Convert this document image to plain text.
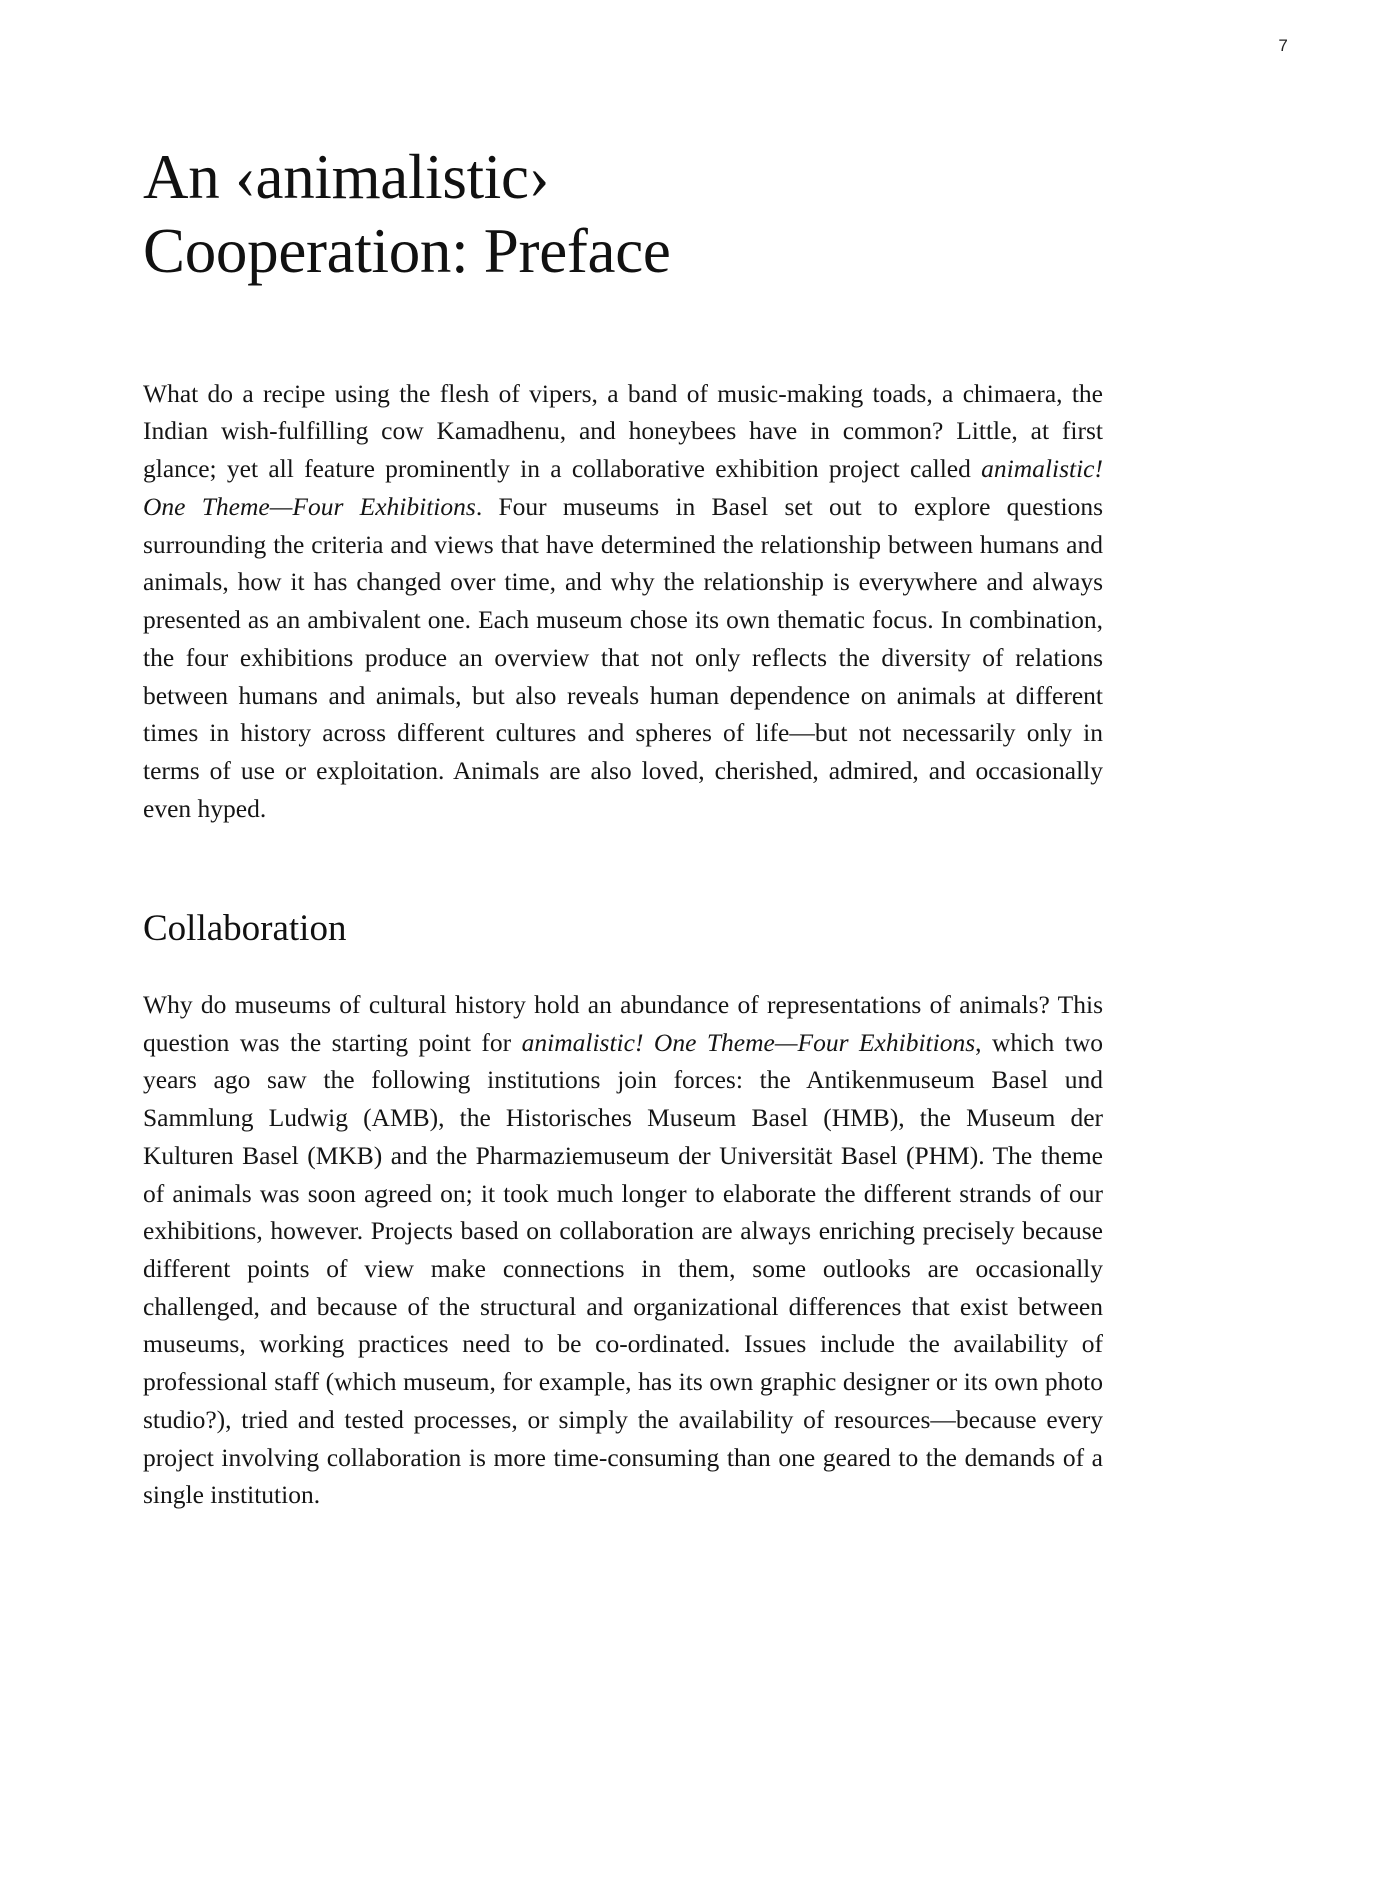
7
An ‹animalistic›
Cooperation: Preface

What do a recipe using the flesh of vipers, a band of music-making toads, a chimaera, the Indian wish-fulfilling cow Kamadhenu, and honeybees have in common? Little, at first glance; yet all feature prominently in a collaborative exhibition project called animalistic! One Theme—Four Exhibitions. Four museums in Basel set out to explore questions surrounding the criteria and views that have determined the relationship between humans and animals, how it has changed over time, and why the relationship is everywhere and always presented as an ambivalent one. Each museum chose its own thematic focus. In combination, the four exhibitions produce an overview that not only reflects the diversity of relations between humans and animals, but also reveals human dependence on animals at different times in history across different cultures and spheres of life—but not necessarily only in terms of use or exploitation. Animals are also loved, cherished, admired, and occasionally even hyped.

Collaboration

Why do museums of cultural history hold an abundance of representations of animals? This question was the starting point for animalistic! One Theme—Four Exhibitions, which two years ago saw the following institutions join forces: the Antikenmuseum Basel und Sammlung Ludwig (AMB), the Historisches Museum Basel (HMB), the Museum der Kulturen Basel (MKB) and the Pharmaziemuseum der Universität Basel (PHM). The theme of animals was soon agreed on; it took much longer to elaborate the different strands of our exhibitions, however. Projects based on collaboration are always enriching precisely because different points of view make connections in them, some outlooks are occasionally challenged, and because of the structural and organizational differences that exist between museums, working practices need to be co-ordinated. Issues include the availability of professional staff (which museum, for example, has its own graphic designer or its own photo studio?), tried and tested processes, or simply the availability of resources—because every project involving collaboration is more time-consuming than one geared to the demands of a single institution.
